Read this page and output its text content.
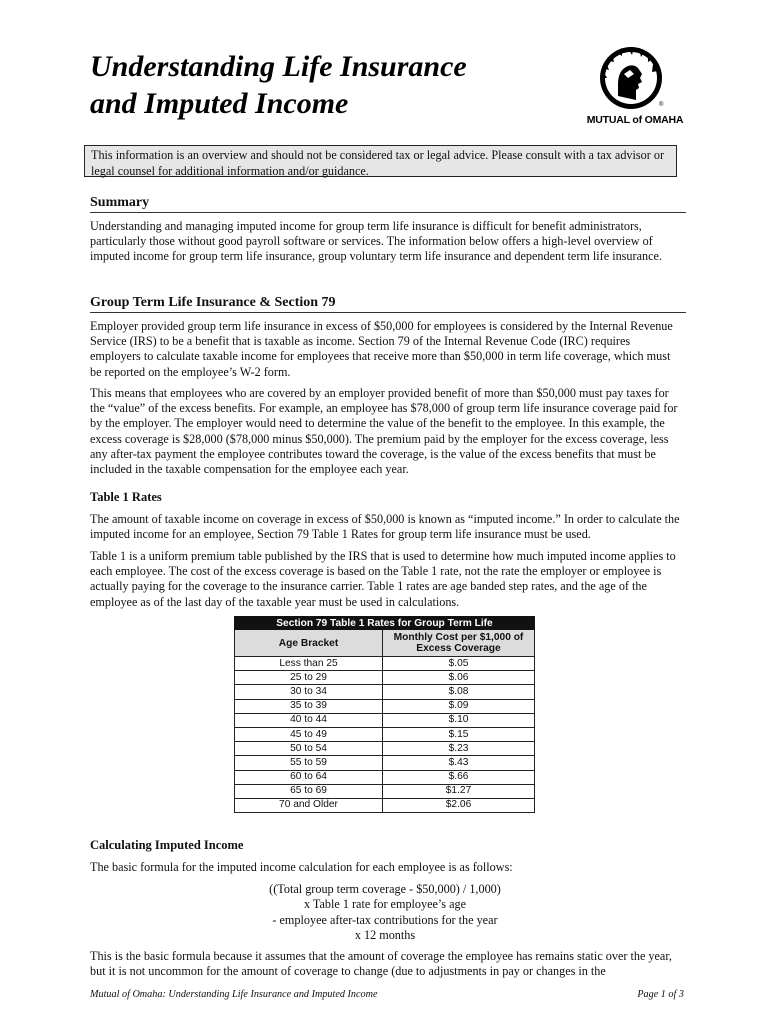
Understanding Life Insurance
and Imputed Income	®
MUTUAL of OMAHA
This information is an overview and should not be considered tax or legal advice. Please consult with a tax advisor or legal counsel for additional information and/or guidance.
Summary

Understanding and managing imputed income for group term life insurance is difficult for benefit administrators, particularly those without good payroll software or services. The information below offers a high-level overview of imputed income for group term life insurance, group voluntary term life insurance and dependent term life insurance.

Group Term Life Insurance & Section 79

Employer provided group term life insurance in excess of $50,000 for employees is considered by the Internal Revenue Service (IRS) to be a benefit that is taxable as income. Section 79 of the Internal Revenue Code (IRC) requires employers to calculate taxable income for employees that receive more than $50,000 in term life coverage, which must be reported on the employee’s W-2 form.

This means that employees who are covered by an employer provided benefit of more than $50,000 must pay taxes for the “value” of the excess benefits. For example, an employee has $78,000 of group term life insurance coverage paid for by the employer. The employer would need to determine the value of the benefit to the employee. In this example, the excess coverage is $28,000 ($78,000 minus $50,000). The premium paid by the employer for the excess coverage, less any after-tax payment the employee contributes toward the coverage, is the value of the excess benefits that must be included in the taxable compensation for the employee each year.

Table 1 Rates

The amount of taxable income on coverage in excess of $50,000 is known as “imputed income.” In order to calculate the imputed income for an employee, Section 79 Table 1 Rates for group term life insurance must be used.

Table 1 is a uniform premium table published by the IRS that is used to determine how much imputed income applies to each employee. The cost of the excess coverage is based on the Table 1 rate, not the rate the employer or employee is actually paying for the coverage to the insurance carrier. Table 1 rates are age banded step rates, and the age of the employee as of the last day of the taxable year must be used in calculations.

Section 79 Table 1 Rates for Group Term Life	
Age Bracket	Monthly Cost per $1,000 of Excess Coverage
Less than 25	$.05
25 to 29	$.06
30 to 34	$.08
35 to 39	$.09
40 to 44	$.10
45 to 49	$.15
50 to 54	$.23
55 to 59	$.43
60 to 64	$.66
65 to 69	$1.27
70 and Older	$2.06
Calculating Imputed Income

The basic formula for the imputed income calculation for each employee is as follows:

((Total group term coverage - $50,000) / 1,000)
x Table 1 rate for employee’s age
- employee after-tax contributions for the year
x 12 months

This is the basic formula because it assumes that the amount of coverage the employee has remains static over the year, but it is not uncommon for the amount of coverage to change (due to adjustments in pay or changes in the

Mutual of Omaha: Understanding Life Insurance and Imputed Income	Page 1 of 3
